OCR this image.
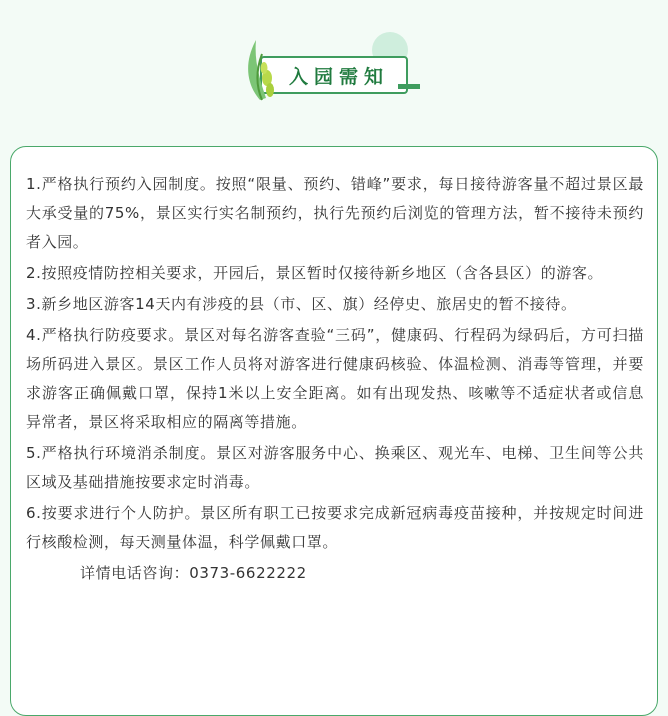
入园需知

1.严格执行预约入园制度。按照“限量、预约、错峰”要求，每日接待游客量不超过景区最大承受量的75%，景区实行实名制预约，执行先预约后浏览的管理方法，暂不接待未预约者入园。

2.按照疫情防控相关要求，开园后，景区暂时仅接待新乡地区（含各县区）的游客。

3.新乡地区游客14天内有涉疫的县（市、区、旗）经停史、旅居史的暂不接待。

4.严格执行防疫要求。景区对每名游客查验“三码”，健康码、行程码为绿码后，方可扫描场所码进入景区。景区工作人员将对游客进行健康码核验、体温检测、消毒等管理，并要求游客正确佩戴口罩，保持1米以上安全距离。如有出现发热、咳嗽等不适症状者或信息异常者，景区将采取相应的隔离等措施。

5.严格执行环境消杀制度。景区对游客服务中心、换乘区、观光车、电梯、卫生间等公共区域及基础措施按要求定时消毒。

6.按要求进行个人防护。景区所有职工已按要求完成新冠病毒疫苗接种，并按规定时间进行核酸检测，每天测量体温，科学佩戴口罩。

详情电话咨询：0373-6622222
